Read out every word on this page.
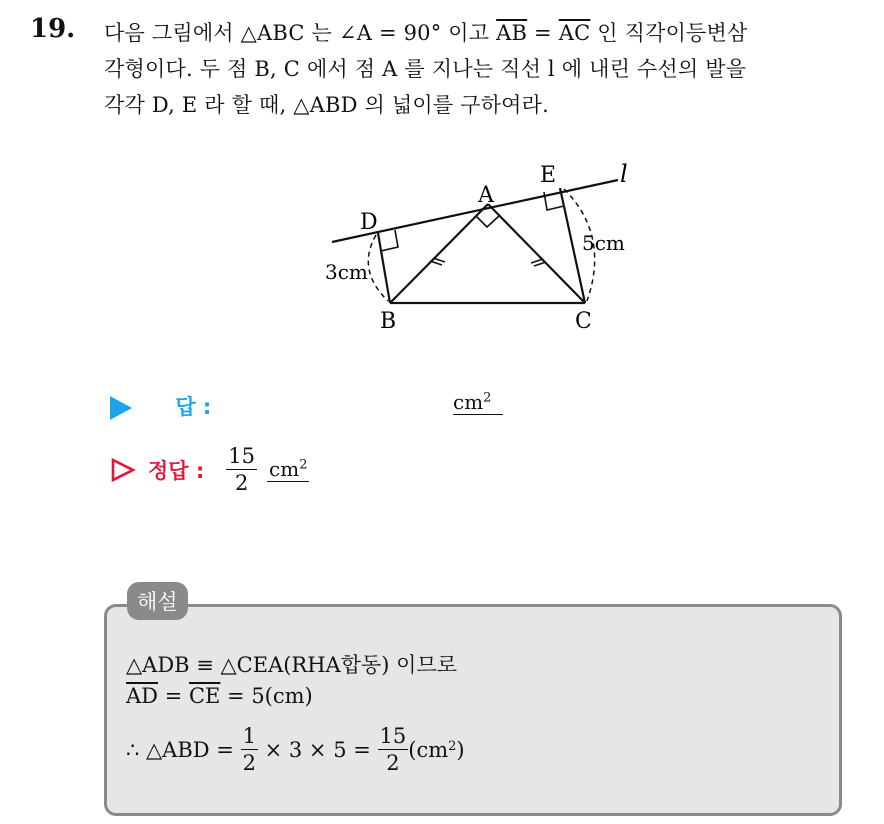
19. 다음 그림에서 △ABC 는 ∠A = 90° 이고 $\overline{AB} = \overline{AC}$ 인 직각이등변삼
각형이다. 두 점 B, C 에서 점 A 를 지나는 직선 l 에 내린 수선의 발을
각각 D, E 라 할 때, △ABD 의 넓이를 구하여라.
A
B	C
D
E	l
3cm
5cm
답 :	$cm^2$
정답 : $\frac{15}{2} cm^2$
해설
△ADB ≡ △CEA(RHA합동) 이므로
$\overline{AD} = \overline{CE} = 5(cm)$
∴ △ABD = $\frac{1}{2} \times 3 \times 5 = \frac{15}{2} (cm$ 2 )
